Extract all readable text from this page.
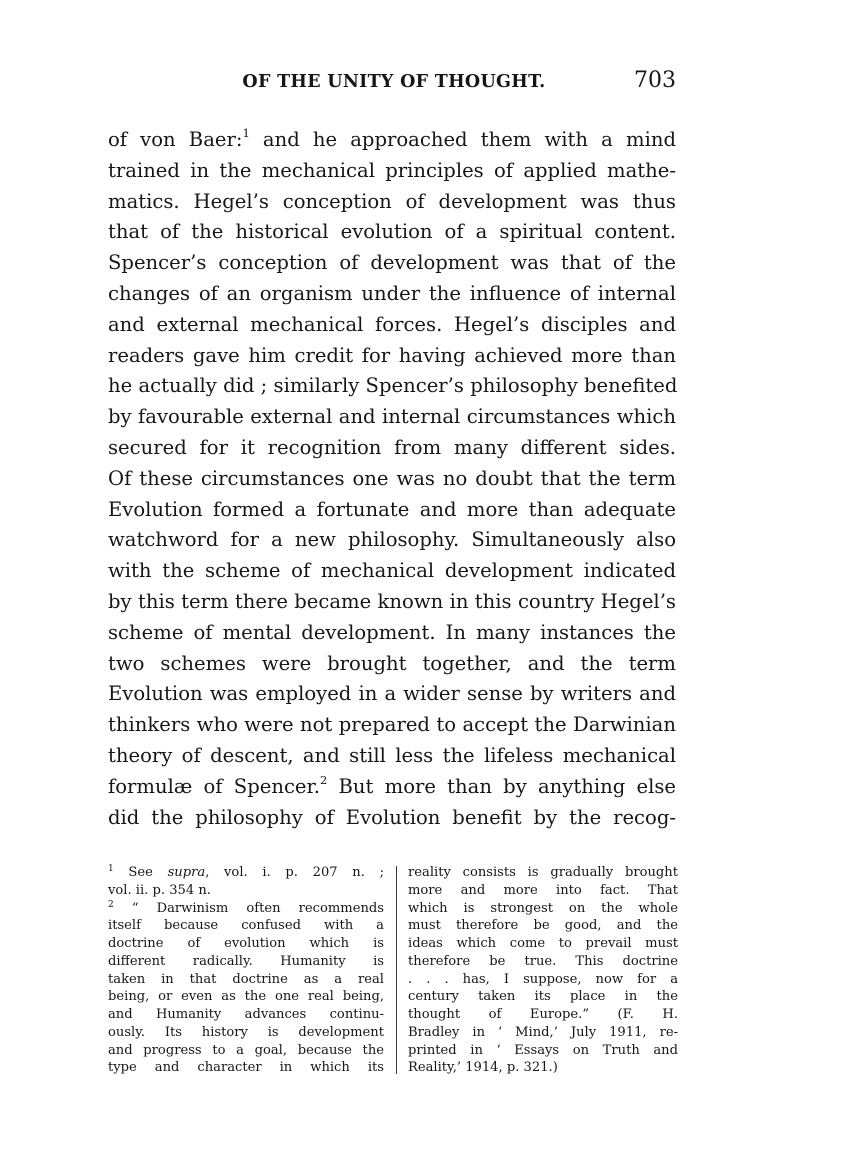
OF THE UNITY OF THOUGHT.	703
of von Baer:$^1$ and he approached them with a mind
trained in the mechanical principles of applied mathe-
matics. Hegel’s conception of development was thus
that of the historical evolution of a spiritual content.
Spencer’s conception of development was that of the
changes of an organism under the influence of internal
and external mechanical forces. Hegel’s disciples and
readers gave him credit for having achieved more than
he actually did ; similarly Spencer’s philosophy benefited
by favourable external and internal circumstances which
secured for it recognition from many different sides.
Of these circumstances one was no doubt that the term
Evolution formed a fortunate and more than adequate
watchword for a new philosophy. Simultaneously also
with the scheme of mechanical development indicated
by this term there became known in this country Hegel’s
scheme of mental development. In many instances the
two schemes were brought together, and the term
Evolution was employed in a wider sense by writers and
thinkers who were not prepared to accept the Darwinian
theory of descent, and still less the lifeless mechanical
formulæ of Spencer.$^2$ But more than by anything else
did the philosophy of Evolution benefit by the recog-
$^1$ See supra, vol. i. p. 207 n. ;
vol. ii. p. 354 n.
$^2$ “ Darwinism often recommends
itself because confused with a
doctrine of evolution which is
different radically. Humanity is
taken in that doctrine as a real
being, or even as the one real being,
and Humanity advances continu-
ously. Its history is development
and progress to a goal, because the
type and character in which its
reality consists is gradually brought
more and more into fact. That
which is strongest on the whole
must therefore be good, and the
ideas which come to prevail must
therefore be true. This doctrine
. . . has, I suppose, now for a
century taken its place in the
thought of Europe.” (F. H.
Bradley in ‘ Mind,’ July 1911, re-
printed in ‘ Essays on Truth and
Reality,’ 1914, p. 321.)
